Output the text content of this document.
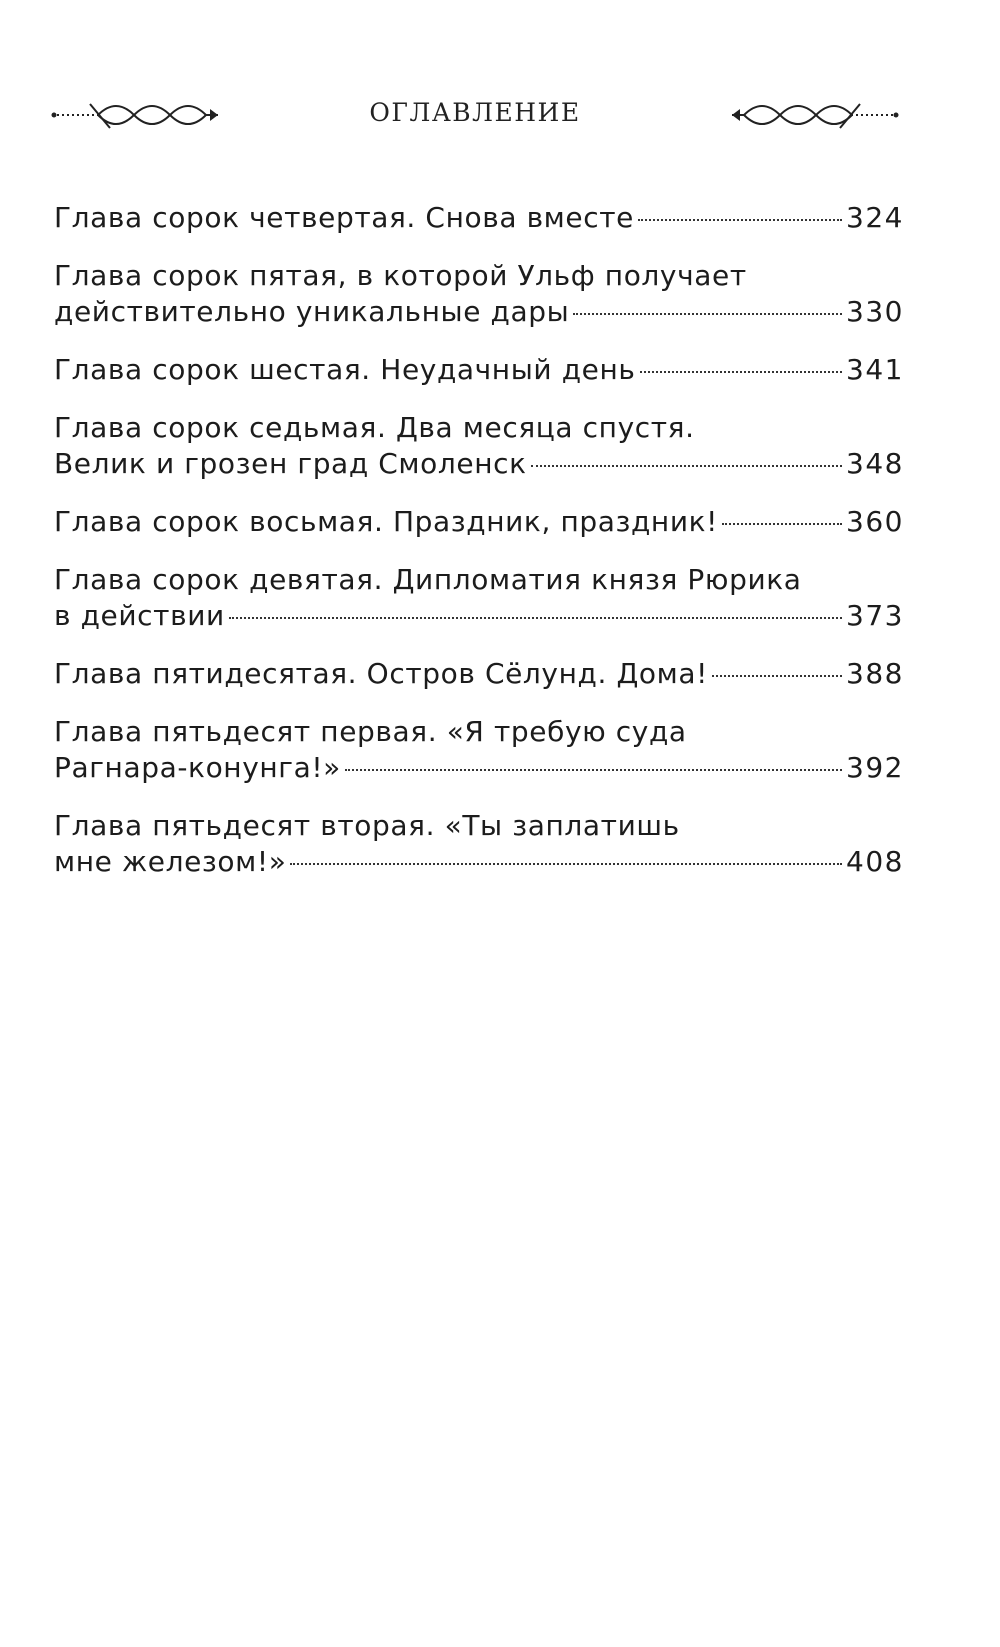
ОГЛАВЛЕНИЕ
Глава сорок четвертая. Снова вместе	324
Глава сорок пятая, в которой Ульф получает
действительно уникальные дары	330
Глава сорок шестая. Неудачный день	341
Глава сорок седьмая. Два месяца спустя.
Велик и грозен град Смоленск	348
Глава сорок восьмая. Праздник, праздник!	360
Глава сорок девятая. Дипломатия князя Рюрика
в действии	373
Глава пятидесятая. Остров Сёлунд. Дома!	388
Глава пятьдесят первая. «Я требую суда
Рагнара-конунга!»	392
Глава пятьдесят вторая. «Ты заплатишь
мне железом!»	408
